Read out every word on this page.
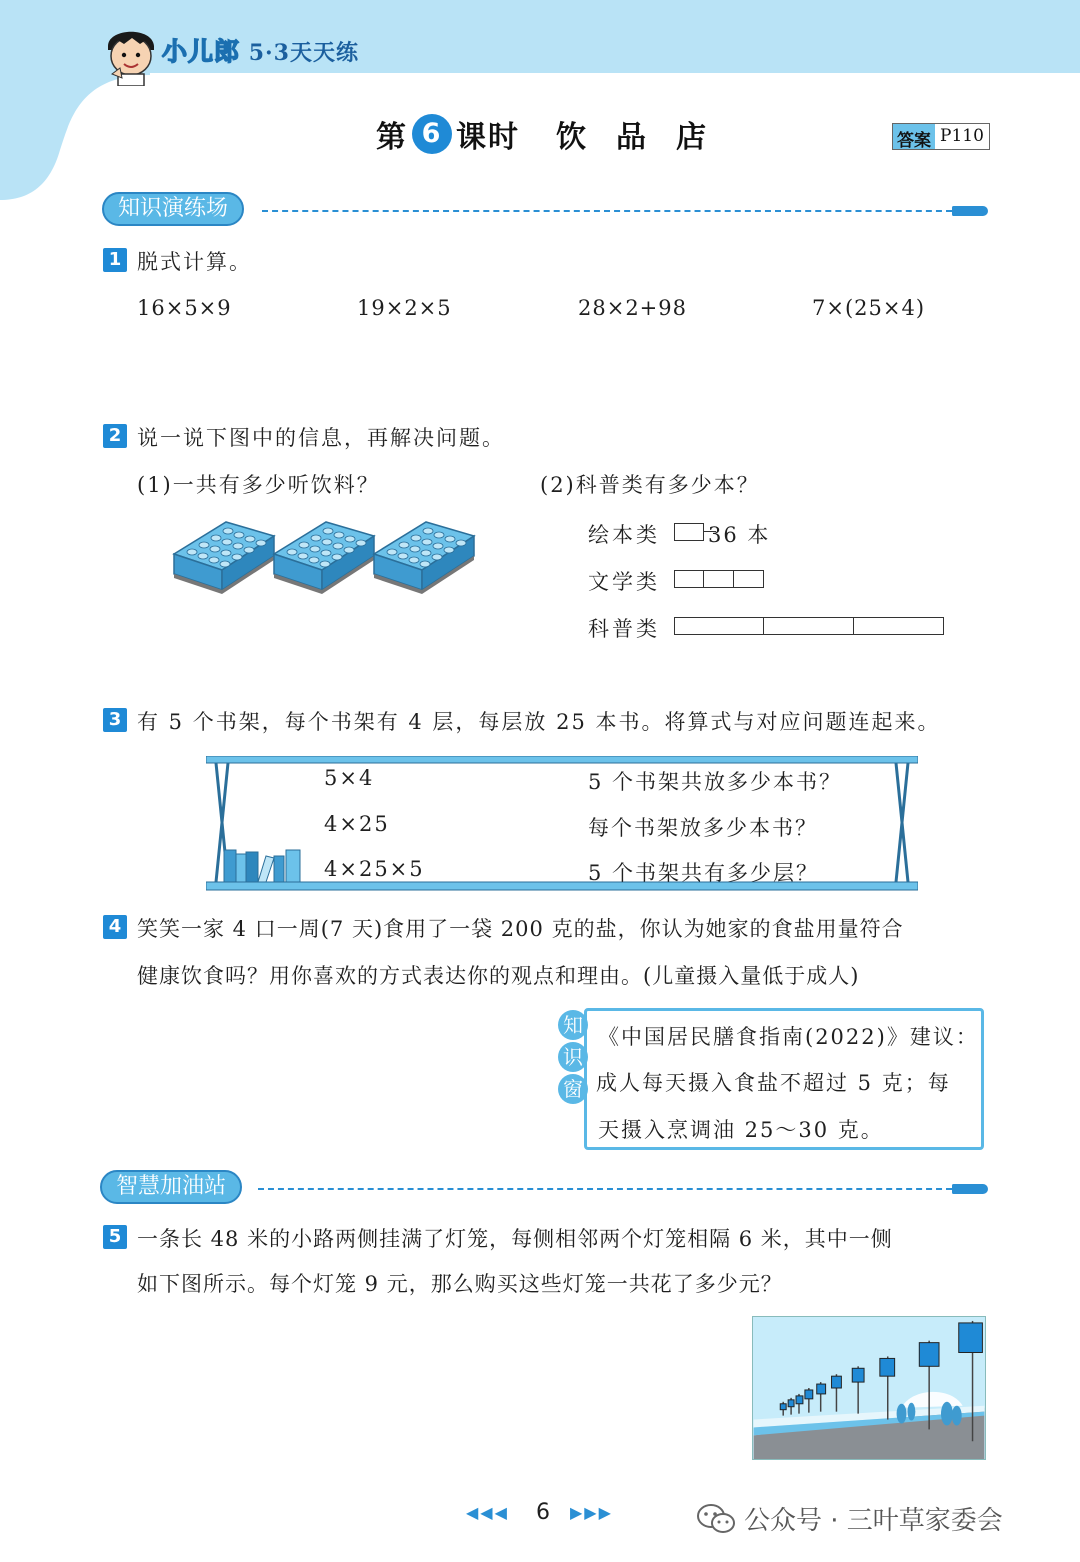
小儿郎 5·3天天练
第 6 课时 饮品店	答案 P110
知识演练场
1 脱式计算。
16×5×9	19×2×5	28×2+98	7×(25×4)
2 说一说下图中的信息，再解决问题。
(1)一共有多少听饮料？	(2)科普类有多少本？
绘本类 36 本
文学类
科普类
3 有 5 个书架，每个书架有 4 层，每层放 25 本书。将算式与对应问题连起来。
5×4
4×25
4×25×5
5 个书架共放多少本书？
每个书架放多少本书？
5 个书架共有多少层？
4 笑笑一家 4 口一周(7 天)食用了一袋 200 克的盐，你认为她家的食盐用量符合
健康饮食吗？用你喜欢的方式表达你的观点和理由。(儿童摄入量低于成人)
知
识
窗
《中国居民膳食指南(2022)》建议：
成人每天摄入食盐不超过 5 克；每
天摄入烹调油 25～30 克。
智慧加油站
5 一条长 48 米的小路两侧挂满了灯笼，每侧相邻两个灯笼相隔 6 米，其中一侧
如下图所示。每个灯笼 9 元，那么购买这些灯笼一共花了多少元？
◀◀◀ 6 ▶▶▶	公众号 · 三叶草家委会
